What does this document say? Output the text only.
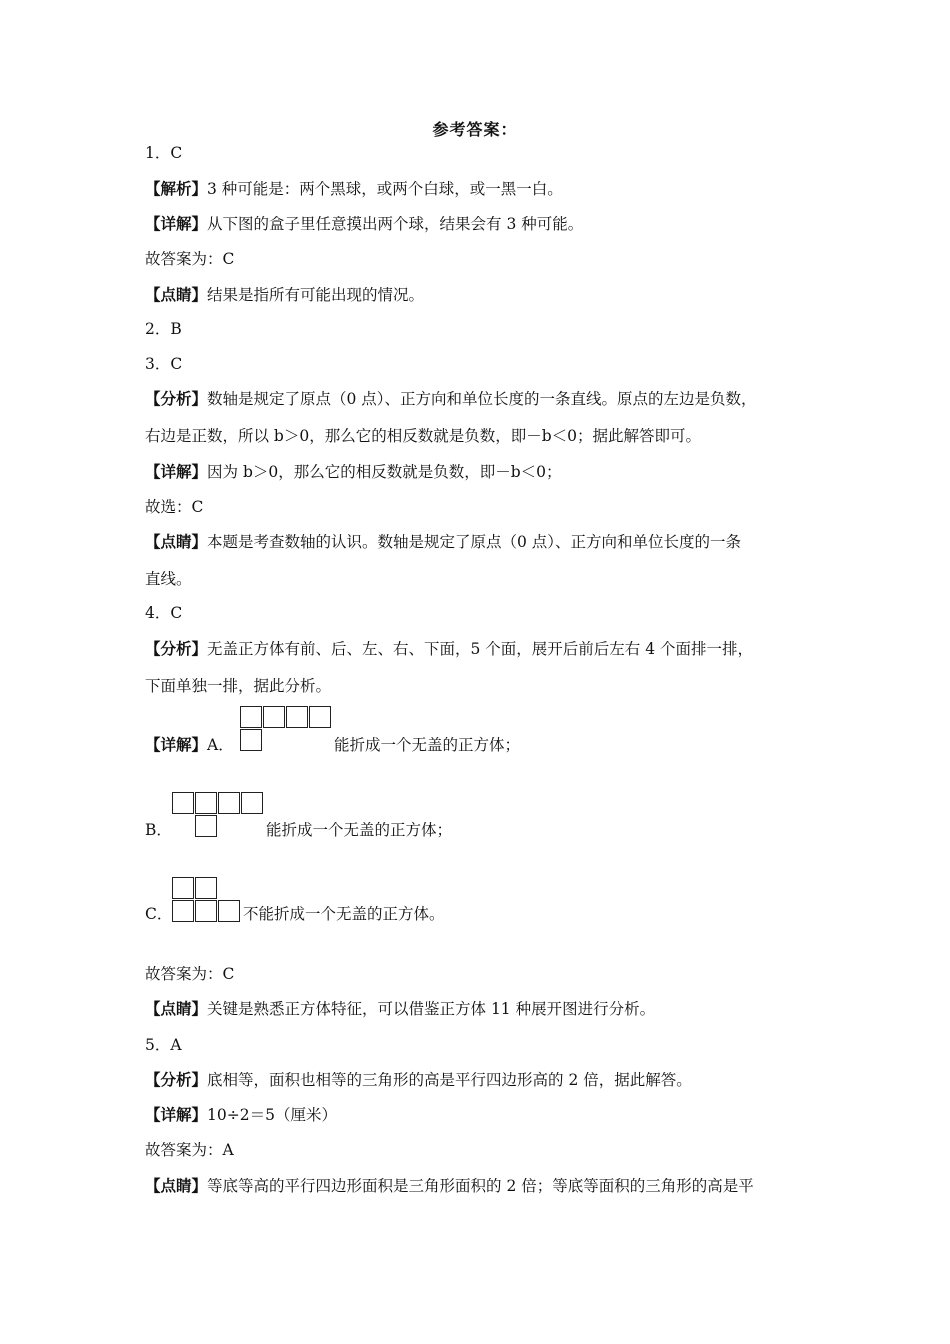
参考答案：
1．C
【解析】3 种可能是：两个黑球，或两个白球，或一黑一白。
【详解】从下图的盒子里任意摸出两个球，结果会有 3 种可能。
故答案为：C
【点睛】结果是指所有可能出现的情况。
2．B
3．C
【分析】数轴是规定了原点（0 点）、正方向和单位长度的一条直线。原点的左边是负数，
右边是正数，所以 b＞0，那么它的相反数就是负数，即－b＜0；据此解答即可。
【详解】因为 b＞0，那么它的相反数就是负数，即－b＜0；
故选：C
【点睛】本题是考查数轴的认识。数轴是规定了原点（0 点）、正方向和单位长度的一条
直线。
4．C
【分析】无盖正方体有前、后、左、右、下面，5 个面，展开后前后左右 4 个面排一排，
下面单独一排，据此分析。
【详解】A．	能折成一个无盖的正方体；
B．	能折成一个无盖的正方体；
C．	不能折成一个无盖的正方体。
故答案为：C
【点睛】关键是熟悉正方体特征，可以借鉴正方体 11 种展开图进行分析。
5．A
【分析】底相等，面积也相等的三角形的高是平行四边形高的 2 倍，据此解答。
【详解】10÷2＝5（厘米）
故答案为：A
【点睛】等底等高的平行四边形面积是三角形面积的 2 倍；等底等面积的三角形的高是平
